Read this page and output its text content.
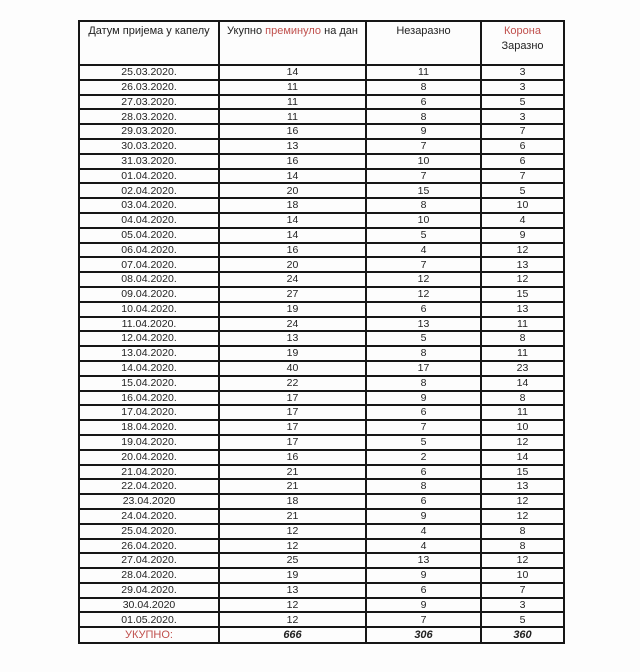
Датум пријема у капелу	Укупно преминуло на дан	Незаразно	Корона
Заразно
25.03.2020.	14	11	3
26.03.2020.	11	8	3
27.03.2020.	11	6	5
28.03.2020.	11	8	3
29.03.2020.	16	9	7
30.03.2020.	13	7	6
31.03.2020.	16	10	6
01.04.2020.	14	7	7
02.04.2020.	20	15	5
03.04.2020.	18	8	10
04.04.2020.	14	10	4
05.04.2020.	14	5	9
06.04.2020.	16	4	12
07.04.2020.	20	7	13
08.04.2020.	24	12	12
09.04.2020.	27	12	15
10.04.2020.	19	6	13
11.04.2020.	24	13	11
12.04.2020.	13	5	8
13.04.2020.	19	8	11
14.04.2020.	40	17	23
15.04.2020.	22	8	14
16.04.2020.	17	9	8
17.04.2020.	17	6	11
18.04.2020.	17	7	10
19.04.2020.	17	5	12
20.04.2020.	16	2	14
21.04.2020.	21	6	15
22.04.2020.	21	8	13
23.04.2020	18	6	12
24.04.2020.	21	9	12
25.04.2020.	12	4	8
26.04.2020.	12	4	8
27.04.2020.	25	13	12
28.04.2020.	19	9	10
29.04.2020.	13	6	7
30.04.2020	12	9	3
01.05.2020.	12	7	5
УКУПНО:	666	306	360
